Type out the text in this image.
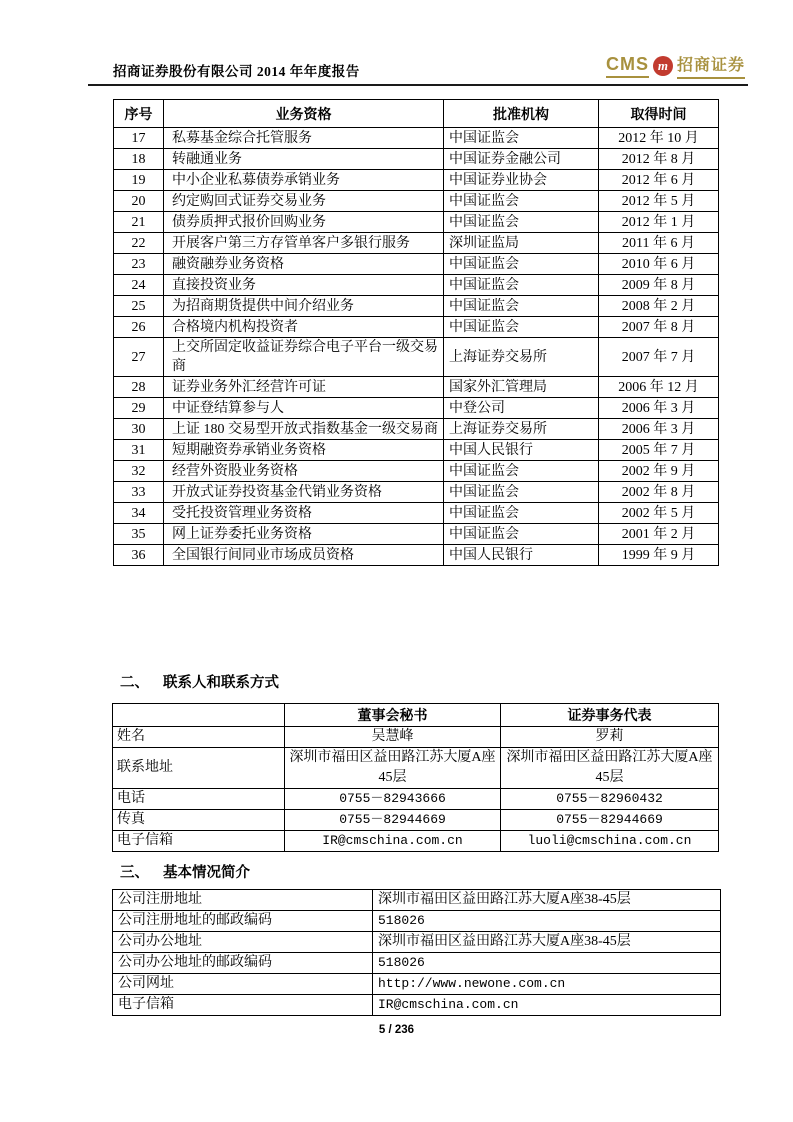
招商证券股份有限公司 2014 年年度报告	CMS m 招商证券
序号	业务资格	批准机构	取得时间
17	私募基金综合托管服务	中国证监会	2012 年 10 月
18	转融通业务	中国证券金融公司	2012 年 8 月
19	中小企业私募债券承销业务	中国证券业协会	2012 年 6 月
20	约定购回式证券交易业务	中国证监会	2012 年 5 月
21	债券质押式报价回购业务	中国证监会	2012 年 1 月
22	开展客户第三方存管单客户多银行服务	深圳证监局	2011 年 6 月
23	融资融券业务资格	中国证监会	2010 年 6 月
24	直接投资业务	中国证监会	2009 年 8 月
25	为招商期货提供中间介绍业务	中国证监会	2008 年 2 月
26	合格境内机构投资者	中国证监会	2007 年 8 月
27	上交所固定收益证券综合电子平台一级交易商	上海证券交易所	2007 年 7 月
28	证券业务外汇经营许可证	国家外汇管理局	2006 年 12 月
29	中证登结算参与人	中登公司	2006 年 3 月
30	上证 180 交易型开放式指数基金一级交易商	上海证券交易所	2006 年 3 月
31	短期融资券承销业务资格	中国人民银行	2005 年 7 月
32	经营外资股业务资格	中国证监会	2002 年 9 月
33	开放式证券投资基金代销业务资格	中国证监会	2002 年 8 月
34	受托投资管理业务资格	中国证监会	2002 年 5 月
35	网上证券委托业务资格	中国证监会	2001 年 2 月
36	全国银行间同业市场成员资格	中国人民银行	1999 年 9 月
二、 联系人和联系方式
	董事会秘书	证券事务代表
姓名	吴慧峰	罗莉
联系地址	深圳市福田区益田路江苏大厦A座45层	深圳市福田区益田路江苏大厦A座45层
电话	0755－82943666	0755－82960432
传真	0755－82944669	0755－82944669
电子信箱	IR@cmschina.com.cn	luoli@cmschina.com.cn
三、 基本情况简介
公司注册地址	深圳市福田区益田路江苏大厦A座38-45层
公司注册地址的邮政编码	518026
公司办公地址	深圳市福田区益田路江苏大厦A座38-45层
公司办公地址的邮政编码	518026
公司网址	http://www.newone.com.cn
电子信箱	IR@cmschina.com.cn
5 / 236
